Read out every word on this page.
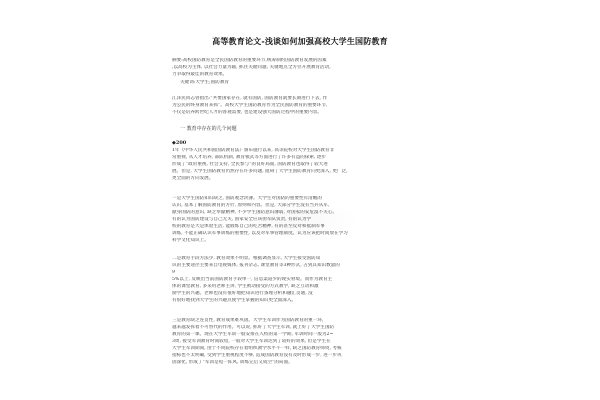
高等教育论文-浅谈如何加强高校大学生国防教育
摘要:高校国防教育是全民国防教育的重要环节,统筹制约国防教育发展的因素
,以高校为主体, 以社会力量为辅, 抓住关键问题, 关键地点全方位开展教育活动,
力争取得最佳的教育效果。
关键词:大学生;国防教育
江泽民同志曾指出:“共要国家存在, 就有国防, 国防教育就要长期进行下去, 作
为公民的终身教育来抓”。高校大学生国防教育作为全民国防教育的重要环节,
不仅是培养跨世纪人才的客观需要, 也是建设强大国防过程中的重要内容。
一 教育中存在的几个问题
◆200
1年《中华人民共和国国防教育法》颁布施行以来, 高等院校对大学生国防教育非
常重视, 从人才培养, 部队机制, 教育模式等方面进行了许多有益的探索, 逐步
形成了“政府重视, 社会支持, 全民参与”的良好局面, 国防教育也取得了较大进
展。但是, 大学生国防教育仍然存在许多问题, 阻碍了大学生国防教育向更深入, 更广泛,
更全面的方向发展。
一是大学生国防知识缺乏, 国防观念淡薄。大学生对国防的重要性有清醒的
认识, 基本了解国防教育的方针, 原则和内容。但是, 大部分学生没有当兵从军,
献身国防的意识, 缺乏奉献精神, 不少学生国防意识薄弱, 对国家的安危漠不关心。
有的认为国防建设与自己无关, 国家安全应该由军队负责, 有的认为学
校的教育是大是体验生活, 能锻炼自己的吃苦精神, 有的甚至反对和抵制军事
训练, 不能正确认识军事训练的重要性, 以及对军事管理制度。认为应该把时间放在学习
科学文化知识上。
二是教育手段方法少, 教育效果不明显。根据调查显示, 大学生接受国防知
识的主要途径主要来自电视媒体, 报刊杂志, 课堂教育等3种形式, 占到其知识数量的
9
5%以上, 反映出当前国防教育手段单一, 信息渠道少的现实窘境。而作为教育主
体的课堂教育, 多采用老师主讲, 学生被动接受的方式教学, 缺乏互动和激
励学生的兴趣。老师也没有很好地把知识进行条理分析和融汇贯通, 没
有很好地找到大学生的兴趣点使学生掌握的知识更全面深入。
三是教育缺乏连贯性, 教育成果难巩固。大学生军训作为国防教育的重一环,
越来越发挥着不可替代的作用。可以说, 抓好了大学生军训, 就上好了大学生国防
教育的第一课。现在大学生军训一般安排在入校的第一学期, 军训时间一般为2~
3周, 接受军训教育时间较短, 一般对大学生军训达到了较好的效果, 但是学生在
大学生军训期间, 由于不同院校存在着组织教学水平不一样, 缺乏国防教育师资, 考核
指标也不太明确, 受到学生重视程度不够, 造成国防教育没有及时形成一步, 进一步巩
固深化, 形成了“军训是短一阵风, 训练完后又成空”的局面。
